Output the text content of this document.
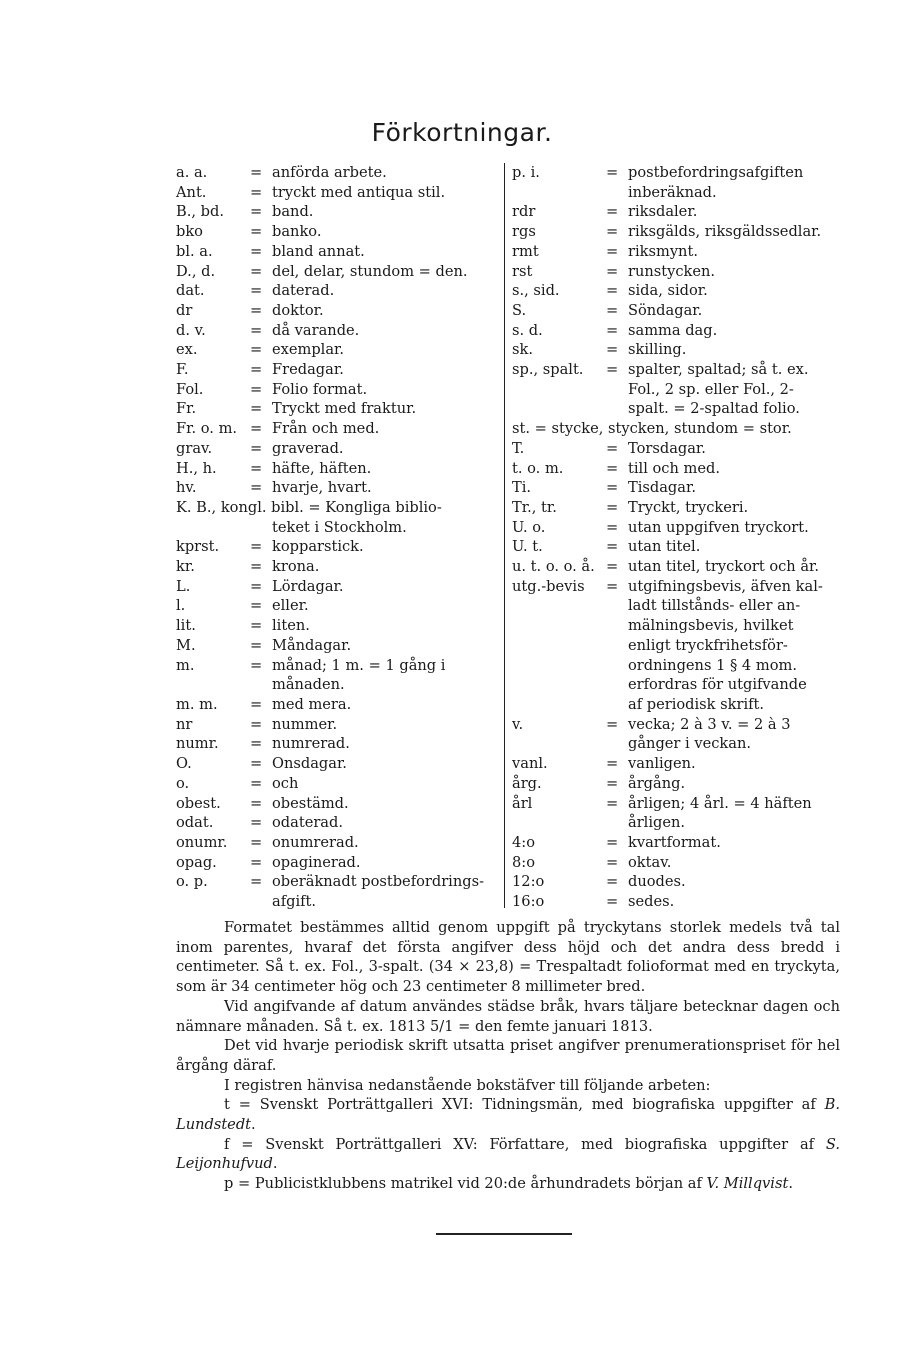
Förkortningar.
a. a.	= anförda arbete.
Ant.	= tryckt med antiqua stil.
B., bd.	= band.
bko	= banko.
bl. a.	= bland annat.
D., d.	= del, delar, stundom = den.
dat.	= daterad.
dr	= doktor.
d. v.	= då varande.
ex.	= exemplar.
F.	= Fredagar.
Fol.	= Folio format.
Fr.	= Tryckt med fraktur.
Fr. o. m. = Från och med.
grav.	= graverad.
H., h.	= häfte, häften.
hv.	= hvarje, hvart.
K. B., kongl. bibl. = Kongliga biblio-
teket i Stockholm.
kprst.	= kopparstick.
kr.	= krona.
L.	= Lördagar.
l.	= eller.
lit.	= liten.
M.	= Måndagar.
m.	= månad; 1 m. = 1 gång i
månaden.
m. m.	= med mera.
nr	= nummer.
numr.	= numrerad.
O.	= Onsdagar.
o.	= och
obest.	= obestämd.
odat.	= odaterad.
onumr.	= onumrerad.
opag.	= opaginerad.
o. p.	= oberäknadt postbefordrings-
afgift.
p. i.	= postbefordringsafgiften
inberäknad.
rdr	= riksdaler.
rgs	= riksgälds, riksgäldssedlar.
rmt	= riksmynt.
rst	= runstycken.
s., sid.	= sida, sidor.
S.	= Söndagar.
s. d.	= samma dag.
sk.	= skilling.
sp., spalt.	= spalter, spaltad; så t. ex.
Fol., 2 sp. eller Fol., 2-
spalt. = 2-spaltad folio.
st. = stycke, stycken, stundom = stor.
T.	= Torsdagar.
t. o. m.	= till och med.
Ti.	= Tisdagar.
Tr., tr.	= Tryckt, tryckeri.
U. o.	= utan uppgifven tryckort.
U. t.	= utan titel.
u. t. o. o. å. = utan titel, tryckort och år.
utg.-bevis	= utgifningsbevis, äfven kal-
ladt tillstånds- eller an-
mälningsbevis, hvilket
enligt tryckfrihetsför-
ordningens 1 § 4 mom.
erfordras för utgifvande
af periodisk skrift.
v.	= vecka; 2 à 3 v. = 2 à 3
gånger i veckan.
vanl.	= vanligen.
årg.	= årgång.
årl	= årligen; 4 årl. = 4 häften
årligen.
4:o	= kvartformat.
8:o	= oktav.
12:o	= duodes.
16:o	= sedes.

Formatet bestämmes alltid genom uppgift på tryckytans storlek medels två tal inom parentes, hvaraf det första angifver dess höjd och det andra dess bredd i centimeter. Så t. ex. Fol., 3-spalt. (34 × 23,8) = Trespaltadt folioformat med en tryckyta, som är 34 centimeter hög och 23 centimeter 8 millimeter bred.

Vid angifvande af datum användes städse bråk, hvars täljare betecknar dagen och nämnare månaden. Så t. ex. 1813 5/1 = den femte januari 1813.

Det vid hvarje periodisk skrift utsatta priset angifver prenumerationspriset för hel årgång däraf.

I registren hänvisa nedanstående bokstäfver till följande arbeten:

t = Svenskt Porträttgalleri XVI: Tidningsmän, med biografiska uppgifter af B. Lundstedt.

f = Svenskt Porträttgalleri XV: Författare, med biografiska uppgifter af S. Leijonhufvud.

p = Publicistklubbens matrikel vid 20:de århundradets början af V. Millqvist.
